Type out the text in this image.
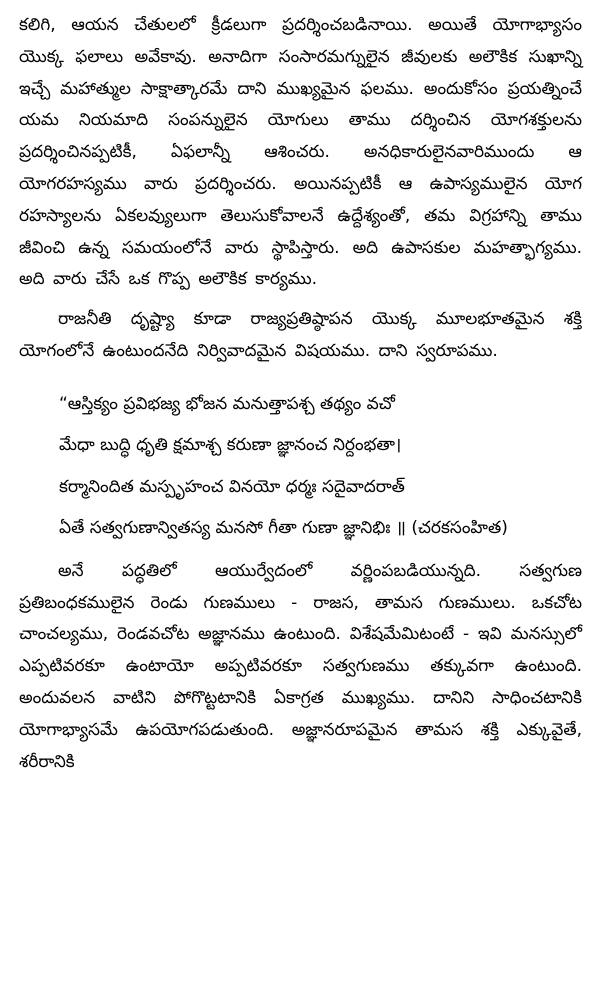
కలిగి, ఆయన చేతులలో క్రీడలుగా ప్రదర్శించబడినాయి. అయితే యోగాభ్యాసం యొక్క ఫలాలు అవేకావు. అనాదిగా సంసారమగ్నులైన జీవులకు అలౌకిక సుఖాన్ని ఇచ్చే మహాత్ముల సాక్షాత్కారమే దాని ముఖ్యమైన ఫలము. అందుకోసం ప్రయత్నించే యమ నియమాది సంపన్నులైన యోగులు తాము దర్శించిన యోగశక్తులను ప్రదర్శించినప్పటికీ, ఏఫలాన్నీ ఆశించరు. అనధికారులైనవారిముందు ఆ యోగరహస్యము వారు ప్రదర్శించరు. అయినప్పటికీ ఆ ఉపాస్యములైన యోగ రహస్యాలను ఏకలవ్యులుగా తెలుసుకోవాలనే ఉద్దేశ్యంతో, తమ విగ్రహాన్ని తాము జీవించి ఉన్న సమయంలోనే వారు స్థాపిస్తారు. అది ఉపాసకుల మహత్భాగ్యము. అది వారు చేసే ఒక గొప్ప అలౌకిక కార్యము.

రాజనీతి దృష్ట్యా కూడా రాజ్యప్రతిష్ఠాపన యొక్క మూలభూతమైన శక్తి యోగంలోనే ఉంటుందనేది నిర్వివాదమైన విషయము. దాని స్వరూపము.

“ఆస్తిక్యం ప్రవిభజ్య భోజన మనుత్తాపశ్చ తథ్యం వచో
మేధా బుద్ధి ధృతి క్షమాశ్చ కరుణా జ్ఞానంచ నిర్దంభతా।
కర్మానిందిత మస్పృహంచ వినయో ధర్మః సదైవాదరాత్
ఏతే సత్వగుణాన్వితస్య మనసో గీతా గుణా జ్ఞానిభిః ॥ (చరకసంహిత)

అనే పద్ధతిలో ఆయుర్వేదంలో వర్ణింపబడియున్నది. సత్వగుణ ప్రతిబంధకములైన రెండు గుణములు - రాజస, తామస గుణములు. ఒకచోట చాంచల్యము, రెండవచోట అజ్ఞానము ఉంటుంది. విశేషమేమిటంటే - ఇవి మనస్సులో ఎప్పటివరకూ ఉంటాయో అప్పటివరకూ సత్వగుణము తక్కువగా ఉంటుంది. అందువలన వాటిని పోగొట్టటానికి ఏకాగ్రత ముఖ్యము. దానిని సాధించటానికి యోగాభ్యాసమే ఉపయోగపడుతుంది. అజ్ఞానరూపమైన తామస శక్తి ఎక్కువైతే, శరీరానికి
